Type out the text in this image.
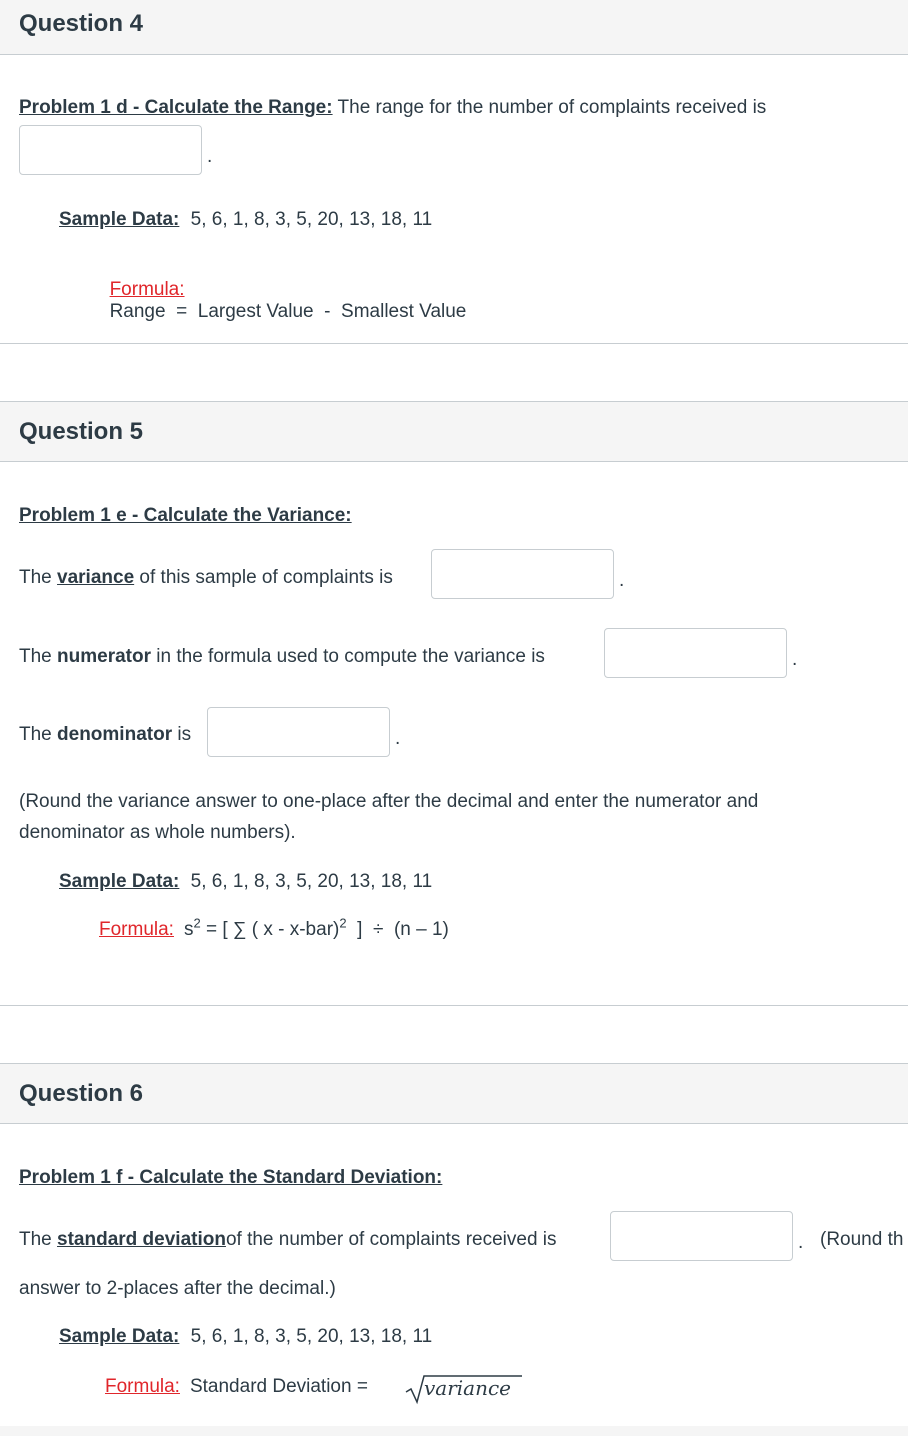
Question 4
Problem 1 d - Calculate the Range: The range for the number of complaints received is
.
Sample Data: 5, 6, 1, 8, 3, 5, 20, 13, 18, 11

Formula:
Range  =  Largest Value  -  Smallest Value

Question 5
Problem 1 e - Calculate the Variance:
The variance of this sample of complaints is	.
The numerator in the formula used to compute the variance is	.
The denominator is	.
(Round the variance answer to one-place after the decimal and enter the numerator and
denominator as whole numbers).
Sample Data: 5, 6, 1, 8, 3, 5, 20, 13, 18, 11
Formula: $s^2$ = [ ∑ ( x - x-bar)$^2$  ]  ÷  (n – 1)
Question 6
Problem 1 f - Calculate the Standard Deviation:
The standard deviationof the number of complaints received is	. (Round th
answer to 2-places after the decimal.)
Sample Data: 5, 6, 1, 8, 3, 5, 20, 13, 18, 11
Formula: Standard Deviation =	variance
